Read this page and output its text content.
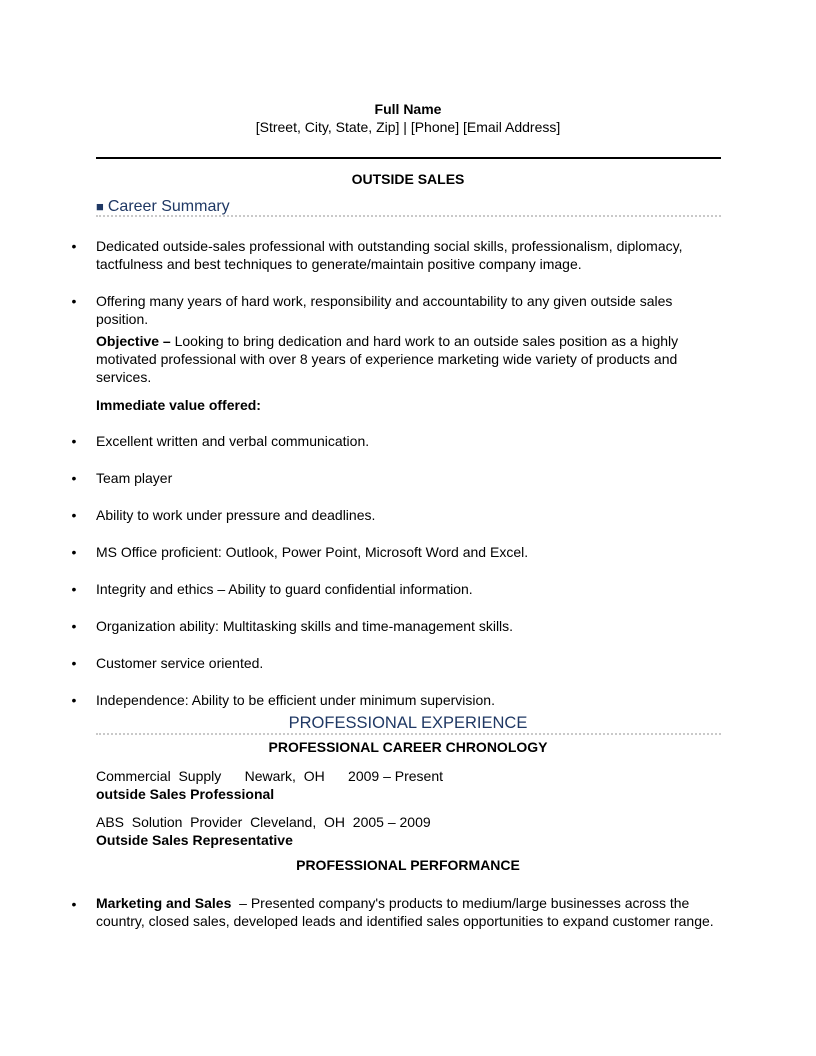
Full Name
[Street, City, State, Zip] | [Phone] [Email Address]
OUTSIDE SALES
■ Career Summary
• Dedicated outside-sales professional with outstanding social skills, professionalism, diplomacy, tactfulness and best techniques to generate/maintain positive company image.
• Offering many years of hard work, responsibility and accountability to any given outside sales position.
Objective – Looking to bring dedication and hard work to an outside sales position as a highly motivated professional with over 8 years of experience marketing wide variety of products and services.
Immediate value offered:
• Excellent written and verbal communication.
• Team player
• Ability to work under pressure and deadlines.
• MS Office proficient: Outlook, Power Point, Microsoft Word and Excel.
• Integrity and ethics – Ability to guard confidential information.
• Organization ability: Multitasking skills and time-management skills.
• Customer service oriented.
• Independence: Ability to be efficient under minimum supervision.
PROFESSIONAL EXPERIENCE
PROFESSIONAL CAREER CHRONOLOGY
Commercial  Supply      Newark,  OH      2009 – Present
outside Sales Professional
ABS  Solution  Provider  Cleveland,  OH  2005 – 2009
Outside Sales Representative
PROFESSIONAL PERFORMANCE
• Marketing and Sales  – Presented company's products to medium/large businesses across the country, closed sales, developed leads and identified sales opportunities to expand customer range.
